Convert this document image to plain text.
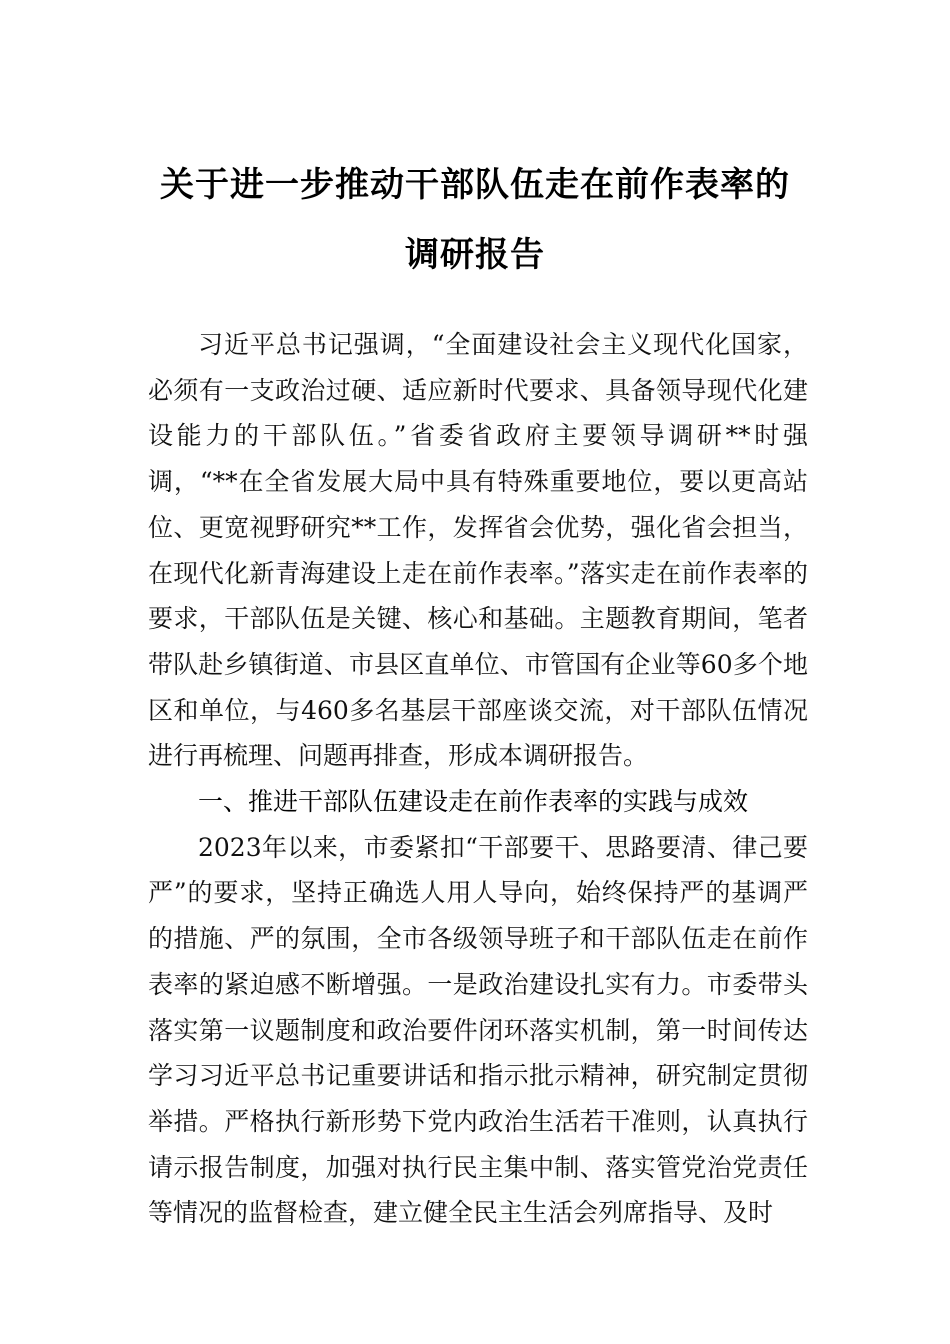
关于进一步推动干部队伍走在前作表率的
调研报告

习近平总书记强调，“全面建设社会主义现代化国家，必须有一支政治过硬、适应新时代要求、具备领导现代化建设能力的干部队伍。”省委省政府主要领导调研**时强调，“**在全省发展大局中具有特殊重要地位，要以更高站位、更宽视野研究**工作，发挥省会优势，强化省会担当，在现代化新青海建设上走在前作表率。”落实走在前作表率的要求，干部队伍是关键、核心和基础。主题教育期间，笔者带队赴乡镇街道、市县区直单位、市管国有企业等60多个地区和单位，与460多名基层干部座谈交流，对干部队伍情况进行再梳理、问题再排查，形成本调研报告。

一、推进干部队伍建设走在前作表率的实践与成效

2023年以来，市委紧扣“干部要干、思路要清、律己要严”的要求，坚持正确选人用人导向，始终保持严的基调严的措施、严的氛围，全市各级领导班子和干部队伍走在前作表率的紧迫感不断增强。一是政治建设扎实有力。市委带头落实第一议题制度和政治要件闭环落实机制，第一时间传达学习习近平总书记重要讲话和指示批示精神，研究制定贯彻举措。严格执行新形势下党内政治生活若干准则，认真执行请示报告制度，加强对执行民主集中制、落实管党治党责任等情况的监督检查，建立健全民主生活会列席指导、及时
